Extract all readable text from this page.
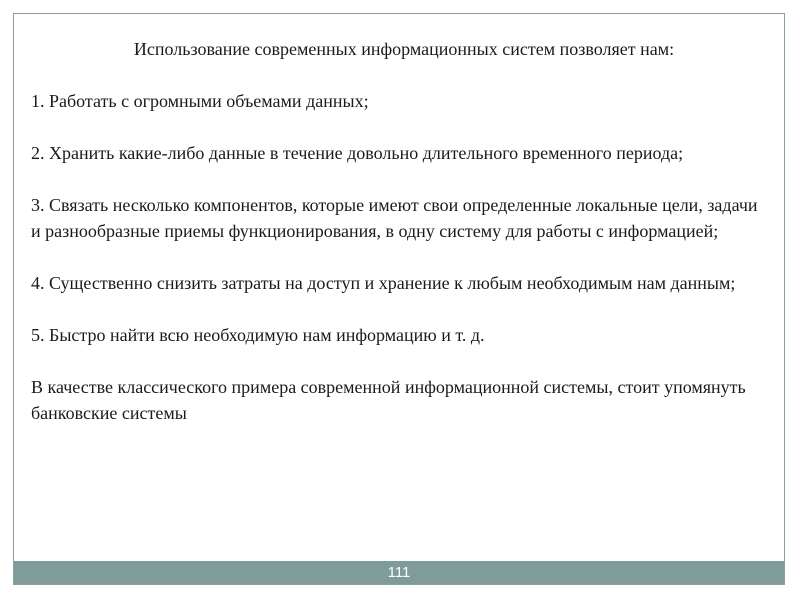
Использование современных информационных систем позволяет нам:

1. Работать с огромными объемами данных;

2. Хранить какие-либо данные в течение довольно длительного временного периода;

3. Связать несколько компонентов, которые имеют свои определенные локальные цели, задачи и разнообразные приемы функционирования, в одну систему для работы с информацией;

4. Существенно снизить затраты на доступ и хранение к любым необходимым нам данным;

5. Быстро найти всю необходимую нам информацию и т. д.

В качестве классического примера современной информационной системы, стоит упомянуть банковские системы

111
